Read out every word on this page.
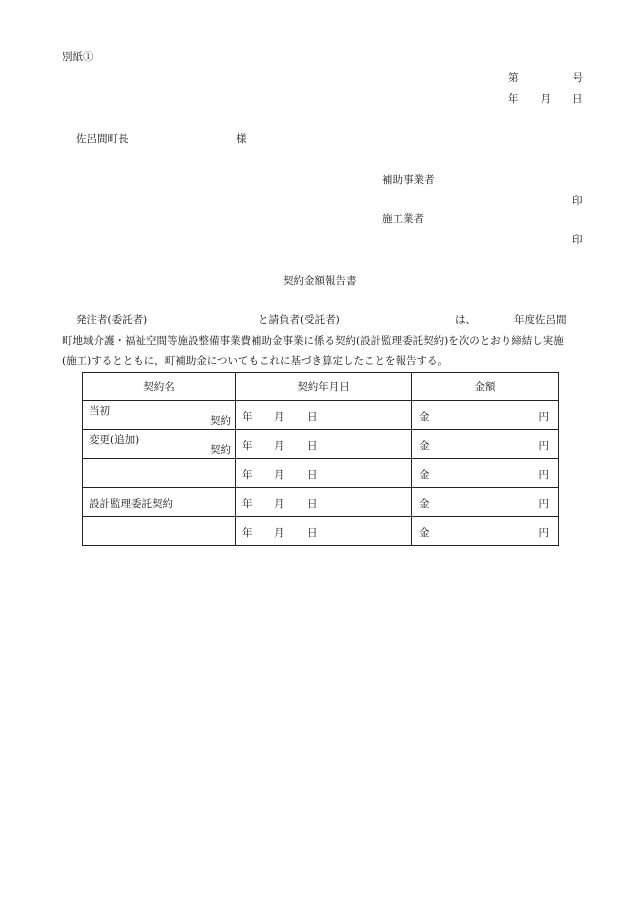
別紙①
第	号
年 月 日
佐呂間町長	様
補助事業者
印
施工業者
印
契約金額報告書
発注者(委託者)	と請負者(受託者)	は、	年度佐呂間
町地域介護・福祉空間等施設整備事業費補助金事業に係る契約(設計監理委託契約)を次のとおり締結し実施
(施工)するとともに，町補助金についてもこれに基づき算定したことを報告する。
契約名	契約年月日	金額

当初
契約	年 月 日	金 円

変更(追加)
契約	年 月 日	金 円

	年 月 日	金 円

設計監理委託契約	年 月 日	金 円

	年 月 日	金 円
